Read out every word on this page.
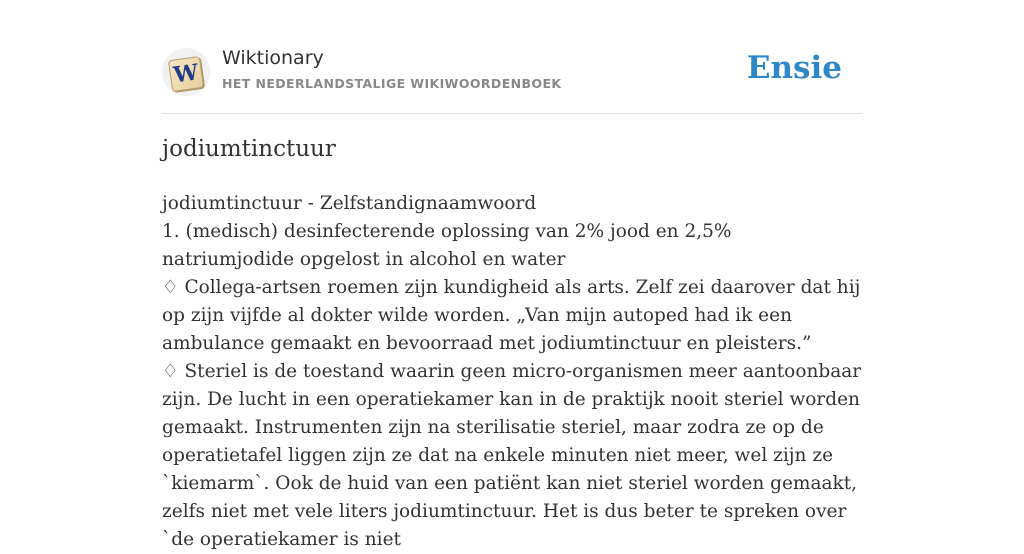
W
Wiktionary
HET NEDERLANDSTALIGE WIKIWOORDENBOEK	Ensie
jodiumtinctuur

jodiumtinctuur - Zelfstandignaamwoord

1. (medisch) desinfecterende oplossing van 2% jood en 2,5% natriumjodide opgelost in alcohol en water

♢ Collega-artsen roemen zijn kundigheid als arts. Zelf zei daarover dat hij op zijn vijfde al dokter wilde worden. „Van mijn autoped had ik een ambulance gemaakt en bevoorraad met jodiumtinctuur en pleisters.”

♢ Steriel is de toestand waarin geen micro-organismen meer aantoonbaar zijn. De lucht in een operatiekamer kan in de praktijk nooit steriel worden gemaakt. Instrumenten zijn na sterilisatie steriel, maar zodra ze op de operatietafel liggen zijn ze dat na enkele minuten niet meer, wel zijn ze `kiemarm`. Ook de huid van een patiënt kan niet steriel worden gemaakt, zelfs niet met vele liters jodiumtinctuur. Het is dus beter te spreken over `de operatiekamer is niet
